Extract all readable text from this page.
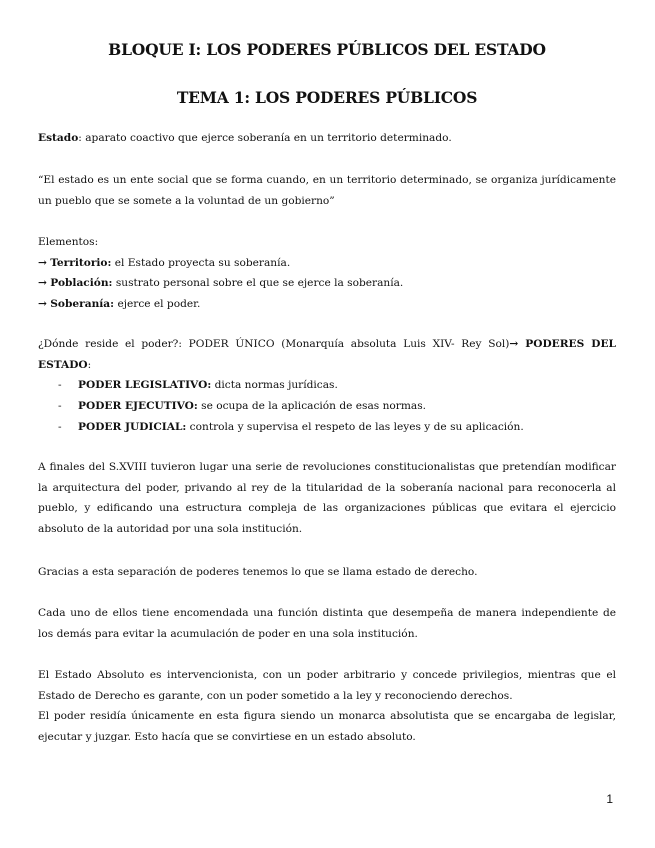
BLOQUE I: LOS PODERES PÚBLICOS DEL ESTADO
TEMA 1: LOS PODERES PÚBLICOS
Estado: aparato coactivo que ejerce soberanía en un territorio determinado.
“El estado es un ente social que se forma cuando, en un territorio determinado, se organiza jurídicamente un pueblo que se somete a la voluntad de un gobierno”
Elementos:
→ Territorio: el Estado proyecta su soberanía.
→ Población: sustrato personal sobre el que se ejerce la soberanía.
→ Soberanía: ejerce el poder.
¿Dónde reside el poder?: PODER ÚNICO (Monarquía absoluta Luis XIV- Rey Sol)→ PODERES DEL ESTADO:
- PODER LEGISLATIVO: dicta normas jurídicas.
- PODER EJECUTIVO: se ocupa de la aplicación de esas normas.
- PODER JUDICIAL: controla y supervisa el respeto de las leyes y de su aplicación.
A finales del S.XVIII tuvieron lugar una serie de revoluciones constitucionalistas que pretendían modificar la arquitectura del poder, privando al rey de la titularidad de la soberanía nacional para reconocerla al pueblo, y edificando una estructura compleja de las organizaciones públicas que evitara el ejercicio absoluto de la autoridad por una sola institución.
Gracias a esta separación de poderes tenemos lo que se llama estado de derecho.
Cada uno de ellos tiene encomendada una función distinta que desempeña de manera independiente de los demás para evitar la acumulación de poder en una sola institución.
El Estado Absoluto es intervencionista, con un poder arbitrario y concede privilegios, mientras que el Estado de Derecho es garante, con un poder sometido a la ley y reconociendo derechos.
El poder residía únicamente en esta figura siendo un monarca absolutista que se encargaba de legislar, ejecutar y juzgar. Esto hacía que se convirtiese en un estado absoluto.
1
